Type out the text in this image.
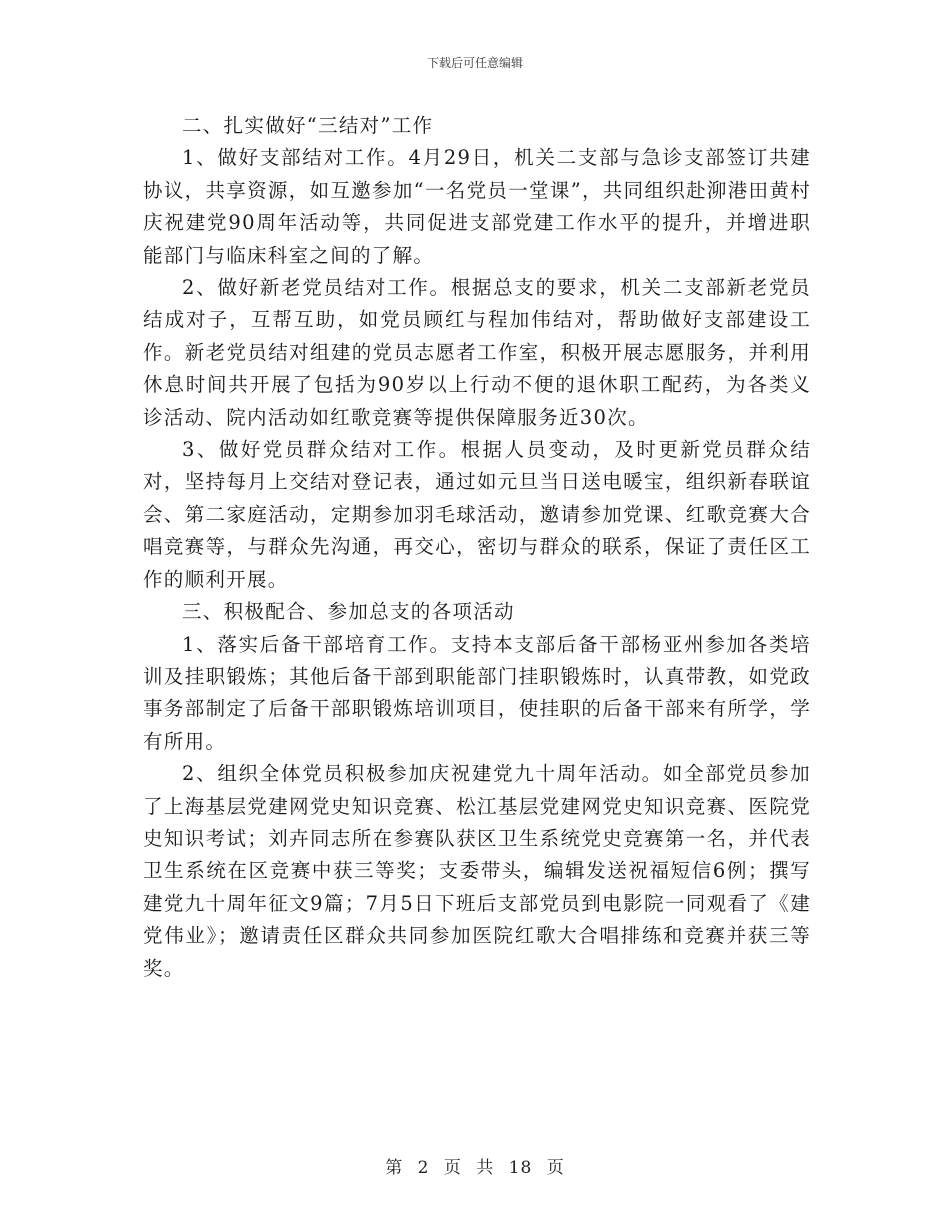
下载后可任意编辑

二、扎实做好“三结对”工作

1、做好支部结对工作。4月29日，机关二支部与急诊支部签订共建协议，共享资源，如互邀参加“一名党员一堂课”，共同组织赴泖港田黄村庆祝建党90周年活动等，共同促进支部党建工作水平的提升，并增进职能部门与临床科室之间的了解。

2、做好新老党员结对工作。根据总支的要求，机关二支部新老党员结成对子，互帮互助，如党员顾红与程加伟结对，帮助做好支部建设工作。新老党员结对组建的党员志愿者工作室，积极开展志愿服务，并利用休息时间共开展了包括为90岁以上行动不便的退休职工配药，为各类义诊活动、院内活动如红歌竞赛等提供保障服务近30次。

3、做好党员群众结对工作。根据人员变动，及时更新党员群众结对，坚持每月上交结对登记表，通过如元旦当日送电暖宝，组织新春联谊会、第二家庭活动，定期参加羽毛球活动，邀请参加党课、红歌竞赛大合唱竞赛等，与群众先沟通，再交心，密切与群众的联系，保证了责任区工作的顺利开展。

三、积极配合、参加总支的各项活动

1、落实后备干部培育工作。支持本支部后备干部杨亚州参加各类培训及挂职锻炼；其他后备干部到职能部门挂职锻炼时，认真带教，如党政事务部制定了后备干部职锻炼培训项目，使挂职的后备干部来有所学，学有所用。

2、组织全体党员积极参加庆祝建党九十周年活动。如全部党员参加了上海基层党建网党史知识竞赛、松江基层党建网党史知识竞赛、医院党史知识考试；刘卉同志所在参赛队获区卫生系统党史竞赛第一名，并代表卫生系统在区竞赛中获三等奖；支委带头，编辑发送祝福短信6例；撰写建党九十周年征文9篇；7月5日下班后支部党员到电影院一同观看了《建党伟业》；邀请责任区群众共同参加医院红歌大合唱排练和竞赛并获三等奖。

第 2 页 共 18 页
